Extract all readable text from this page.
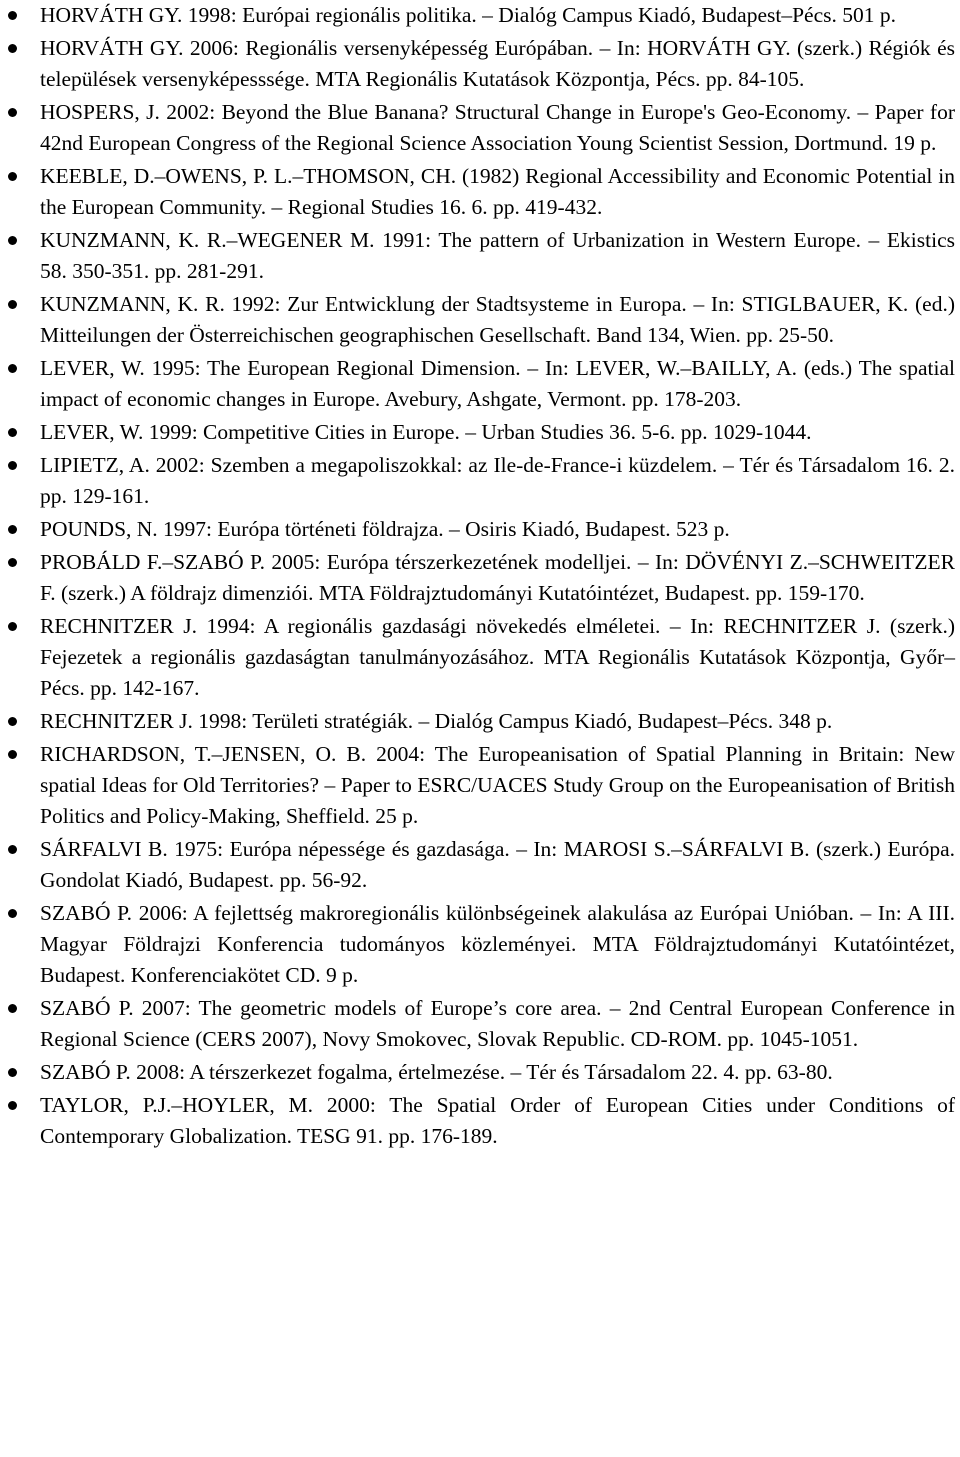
HORVÁTH GY. 1998: Európai regionális politika. – Dialóg Campus Kiadó, Budapest–Pécs. 501 p.
HORVÁTH GY. 2006: Regionális versenyképesség Európában. – In: HORVÁTH GY. (szerk.) Régiók és települések versenyképesssége. MTA Regionális Kutatások Központja, Pécs. pp. 84-105.
HOSPERS, J. 2002: Beyond the Blue Banana? Structural Change in Europe's Geo-Economy. – Paper for 42nd European Congress of the Regional Science Association Young Scientist Session, Dortmund. 19 p.
KEEBLE, D.–OWENS, P. L.–THOMSON, CH. (1982) Regional Accessibility and Economic Potential in the European Community. – Regional Studies 16. 6. pp. 419-432.
KUNZMANN, K. R.–WEGENER M. 1991: The pattern of Urbanization in Western Europe. – Ekistics 58. 350-351. pp. 281-291.
KUNZMANN, K. R. 1992: Zur Entwicklung der Stadtsysteme in Europa. – In: STIGLBAUER, K. (ed.) Mitteilungen der Österreichischen geographischen Gesellschaft. Band 134, Wien. pp. 25-50.
LEVER, W. 1995: The European Regional Dimension. – In: LEVER, W.–BAILLY, A. (eds.) The spatial impact of economic changes in Europe. Avebury, Ashgate, Vermont. pp. 178-203.
LEVER, W. 1999: Competitive Cities in Europe. – Urban Studies 36. 5-6. pp. 1029-1044.
LIPIETZ, A. 2002: Szemben a megapoliszokkal: az Ile-de-France-i küzdelem. – Tér és Társadalom 16. 2. pp. 129-161.
POUNDS, N. 1997: Európa történeti földrajza. – Osiris Kiadó, Budapest. 523 p.
PROBÁLD F.–SZABÓ P. 2005: Európa térszerkezetének modelljei. – In: DÖVÉNYI Z.–SCHWEITZER F. (szerk.) A földrajz dimenziói. MTA Földrajztudományi Kutatóintézet, Budapest. pp. 159-170.
RECHNITZER J. 1994: A regionális gazdasági növekedés elméletei. – In: RECHNITZER J. (szerk.) Fejezetek a regionális gazdaságtan tanulmányozásához. MTA Regionális Kutatások Központja, Győr–Pécs. pp. 142-167.
RECHNITZER J. 1998: Területi stratégiák. – Dialóg Campus Kiadó, Budapest–Pécs. 348 p.
RICHARDSON, T.–JENSEN, O. B. 2004: The Europeanisation of Spatial Planning in Britain: New spatial Ideas for Old Territories? – Paper to ESRC/UACES Study Group on the Europeanisation of British Politics and Policy-Making, Sheffield. 25 p.
SÁRFALVI B. 1975: Európa népessége és gazdasága. – In: MAROSI S.–SÁRFALVI B. (szerk.) Európa. Gondolat Kiadó, Budapest. pp. 56-92.
SZABÓ P. 2006: A fejlettség makroregionális különbségeinek alakulása az Európai Unióban. – In: A III. Magyar Földrajzi Konferencia tudományos közleményei. MTA Földrajztudományi Kutatóintézet, Budapest. Konferenciakötet CD. 9 p.
SZABÓ P. 2007: The geometric models of Europe’s core area. – 2nd Central European Conference in Regional Science (CERS 2007), Novy Smokovec, Slovak Republic. CD-ROM. pp. 1045-1051.
SZABÓ P. 2008: A térszerkezet fogalma, értelmezése. – Tér és Társadalom 22. 4. pp. 63-80.
TAYLOR, P.J.–HOYLER, M. 2000: The Spatial Order of European Cities under Conditions of Contemporary Globalization. TESG 91. pp. 176-189.
